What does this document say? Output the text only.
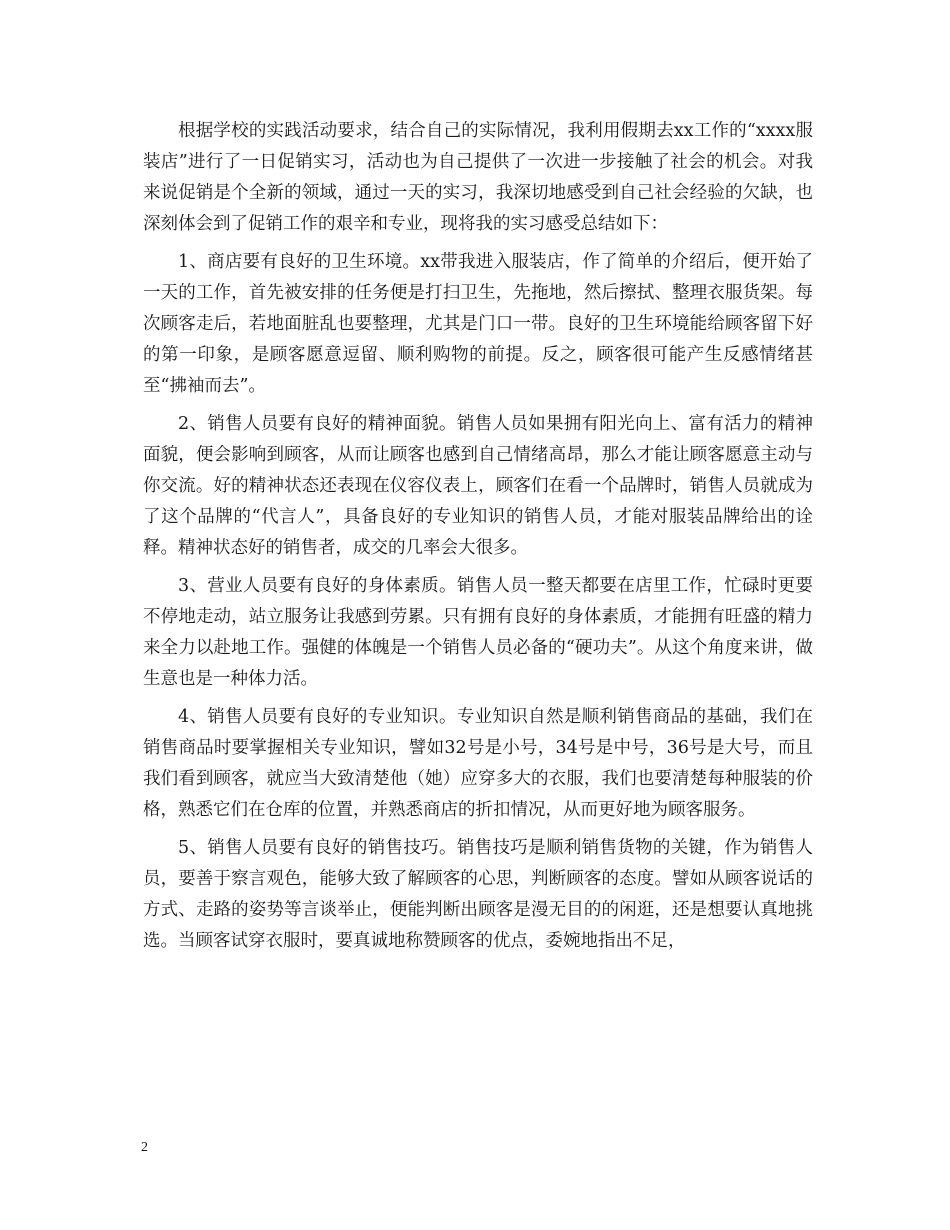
根据学校的实践活动要求，结合自己的实际情况，我利用假期去xx工作的“xxxx服装店”进行了一日促销实习，活动也为自己提供了一次进一步接触了社会的机会。对我来说促销是个全新的领域，通过一天的实习，我深切地感受到自己社会经验的欠缺，也深刻体会到了促销工作的艰辛和专业，现将我的实习感受总结如下：

1、商店要有良好的卫生环境。xx带我进入服装店，作了简单的介绍后，便开始了一天的工作，首先被安排的任务便是打扫卫生，先拖地，然后擦拭、整理衣服货架。每次顾客走后，若地面脏乱也要整理，尤其是门口一带。良好的卫生环境能给顾客留下好的第一印象，是顾客愿意逗留、顺利购物的前提。反之，顾客很可能产生反感情绪甚至“拂袖而去”。

2、销售人员要有良好的精神面貌。销售人员如果拥有阳光向上、富有活力的精神面貌，便会影响到顾客，从而让顾客也感到自己情绪高昂，那么才能让顾客愿意主动与你交流。好的精神状态还表现在仪容仪表上，顾客们在看一个品牌时，销售人员就成为了这个品牌的“代言人”，具备良好的专业知识的销售人员，才能对服装品牌给出的诠释。精神状态好的销售者，成交的几率会大很多。

3、营业人员要有良好的身体素质。销售人员一整天都要在店里工作，忙碌时更要不停地走动，站立服务让我感到劳累。只有拥有良好的身体素质，才能拥有旺盛的精力来全力以赴地工作。强健的体魄是一个销售人员必备的“硬功夫”。从这个角度来讲，做生意也是一种体力活。

4、销售人员要有良好的专业知识。专业知识自然是顺利销售商品的基础，我们在销售商品时要掌握相关专业知识，譬如32号是小号，34号是中号，36号是大号，而且我们看到顾客，就应当大致清楚他（她）应穿多大的衣服，我们也要清楚每种服装的价格，熟悉它们在仓库的位置，并熟悉商店的折扣情况，从而更好地为顾客服务。

5、销售人员要有良好的销售技巧。销售技巧是顺利销售货物的关键，作为销售人员，要善于察言观色，能够大致了解顾客的心思，判断顾客的态度。譬如从顾客说话的方式、走路的姿势等言谈举止，便能判断出顾客是漫无目的的闲逛，还是想要认真地挑选。当顾客试穿衣服时，要真诚地称赞顾客的优点，委婉地指出不足，

2
